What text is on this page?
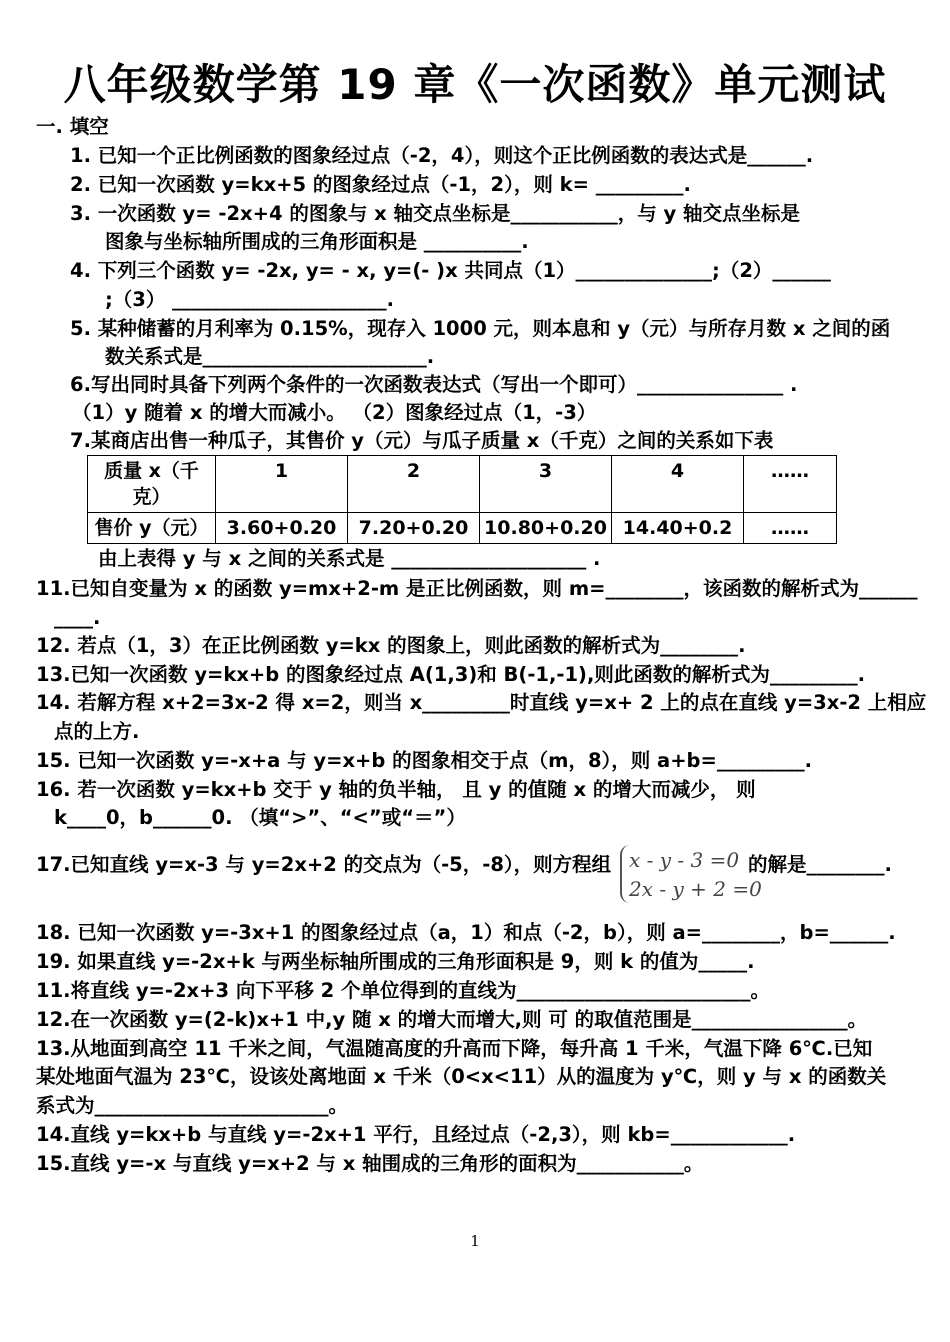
八年级数学第 19 章《一次函数》单元测试
一. 填空
1. 已知一个正比例函数的图象经过点（-2，4），则这个正比例函数的表达式是______.
2. 已知一次函数 y=kx+5 的图象经过点（-1，2），则 k= _________.
3. 一次函数 y= -2x+4 的图象与 x 轴交点坐标是___________，与 y 轴交点坐标是
图象与坐标轴所围成的三角形面积是 __________.
4. 下列三个函数 y= -2x, y= - x, y=(- )x 共同点（1）______________;（2）______
;（3） ______________________.
5. 某种储蓄的月利率为 0.15%，现存入 1000 元，则本息和 y（元）与所存月数 x 之间的函
数关系式是_______________________.
6.写出同时具备下列两个条件的一次函数表达式（写出一个即可）_______________ .
（1）y 随着 x 的增大而减小。 （2）图象经过点（1，-3）
7.某商店出售一种瓜子，其售价 y（元）与瓜子质量 x（千克）之间的关系如下表
质量 x（千克）	1	2	3	4	……
售价 y（元）	3.60+0.20	7.20+0.20	10.80+0.20	14.40+0.2	……
由上表得 y 与 x 之间的关系式是 ____________________ .
11.已知自变量为 x 的函数 y=mx+2-m 是正比例函数，则 m=________，该函数的解析式为______
____.
12. 若点（1，3）在正比例函数 y=kx 的图象上，则此函数的解析式为________.
13.已知一次函数 y=kx+b 的图象经过点 A(1,3)和 B(-1,-1),则此函数的解析式为_________.
14. 若解方程 x+2=3x-2 得 x=2，则当 x_________时直线 y=x+ 2 上的点在直线 y=3x-2 上相应
点的上方.
15. 已知一次函数 y=-x+a 与 y=x+b 的图象相交于点（m，8），则 a+b=_________.
16. 若一次函数 y=kx+b 交于 y 轴的负半轴， 且 y 的值随 x 的增大而减少， 则
k____0，b______0. （填“>”、“<”或“＝”）
17.已知直线 y=x-3 与 y=2x+2 的交点为（-5，-8），则方程组 x - y - 3 =0
2x - y + 2 =0
的解是________.
18. 已知一次函数 y=-3x+1 的图象经过点（a，1）和点（-2，b），则 a=________，b=______.
19. 如果直线 y=-2x+k 与两坐标轴所围成的三角形面积是 9，则 k 的值为_____.
11.将直线 y=-2x+3 向下平移 2 个单位得到的直线为________________________。
12.在一次函数 y=(2-k)x+1 中,y 随 x 的增大而增大,则 可 的取值范围是________________。
13.从地面到高空 11 千米之间，气温随高度的升高而下降，每升高 1 千米，气温下降 6℃.已知
某处地面气温为 23℃，设该处离地面 x 千米（0<x<11）从的温度为 y℃，则 y 与 x 的函数关
系式为________________________。
14.直线 y=kx+b 与直线 y=-2x+1 平行，且经过点（-2,3），则 kb=____________.
15.直线 y=-x 与直线 y=x+2 与 x 轴围成的三角形的面积为___________。
1
